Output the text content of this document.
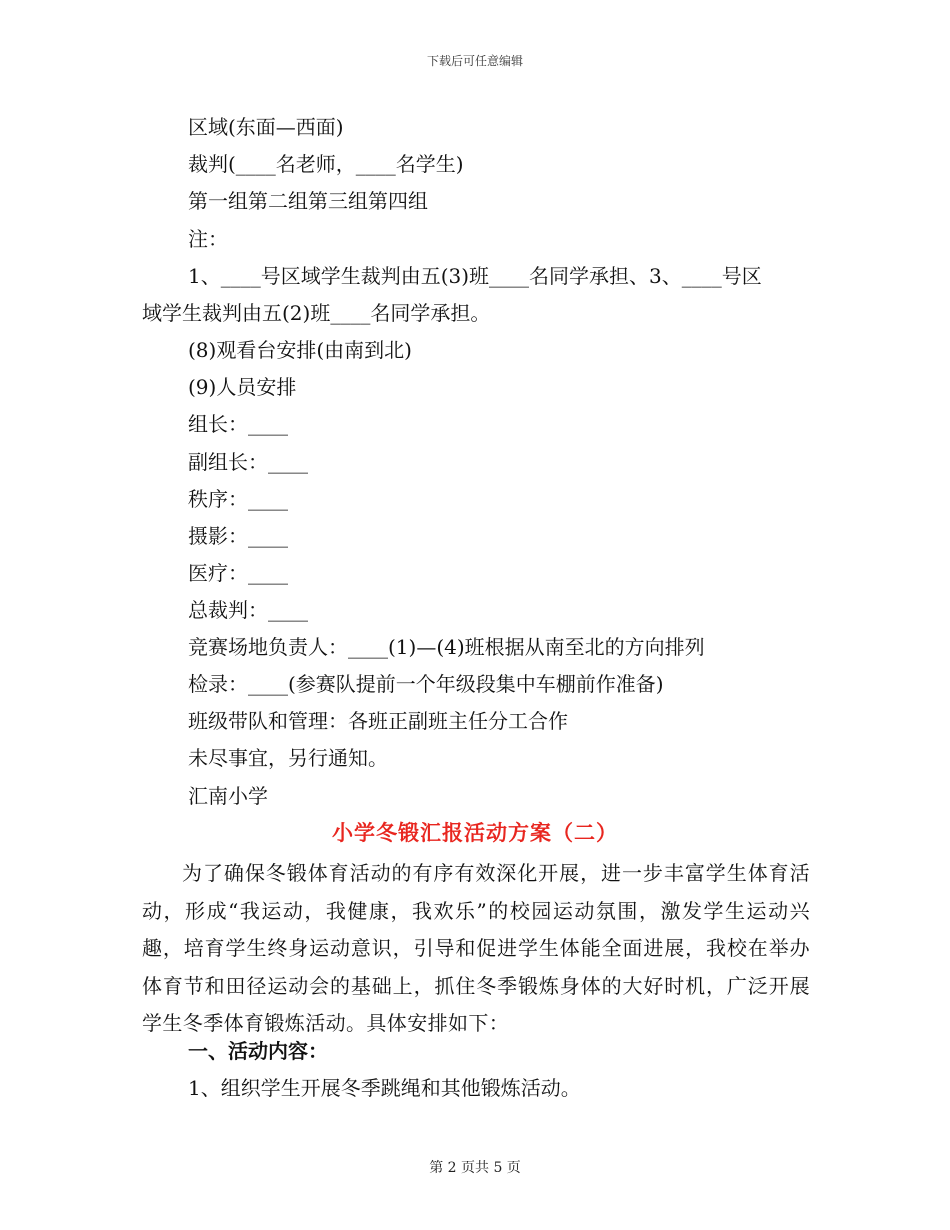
下载后可任意编辑
区域(东面—西面)
裁判(____名老师，____名学生)
第一组第二组第三组第四组
注：
1、____号区域学生裁判由五(3)班____名同学承担、3、____号区
域学生裁判由五(2)班____名同学承担。
(8)观看台安排(由南到北)
(9)人员安排
组长：____
副组长：____
秩序：____
摄影：____
医疗：____
总裁判：____
竞赛场地负责人：____(1)—(4)班根据从南至北的方向排列
检录：____(参赛队提前一个年级段集中车棚前作准备)
班级带队和管理：各班正副班主任分工合作
未尽事宜，另行通知。
汇南小学
小学冬锻汇报活动方案（二）
为了确保冬锻体育活动的有序有效深化开展，进一步丰富学生体育活动，形成“我运动，我健康，我欢乐”的校园运动氛围，激发学生运动兴趣，培育学生终身运动意识，引导和促进学生体能全面进展，我校在举办体育节和田径运动会的基础上，抓住冬季锻炼身体的大好时机，广泛开展学生冬季体育锻炼活动。具体安排如下：
一、活动内容：
1、组织学生开展冬季跳绳和其他锻炼活动。
第 2 页共 5 页
